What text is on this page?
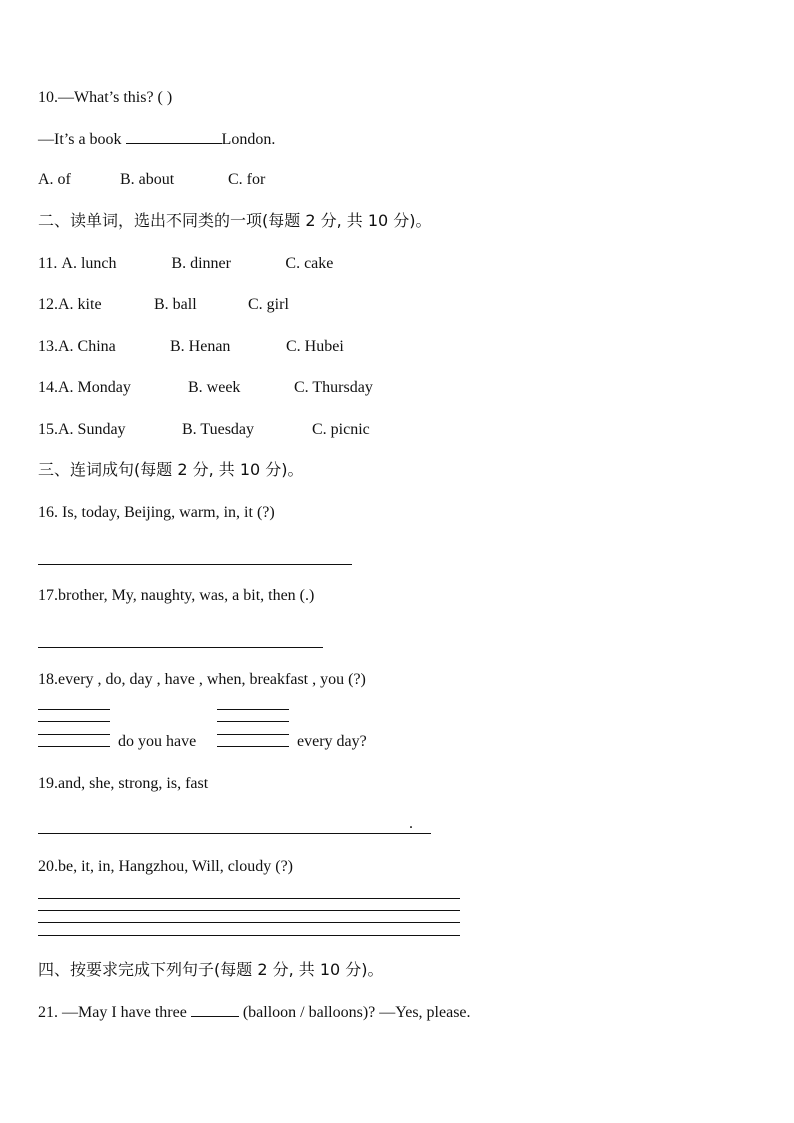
10.—What’s this? ( )
—It’s a book	London.
A. of	B. about	C. for
二、读单词，选出不同类的一项(每题 2 分, 共 10 分)。
11. A. lunch	B. dinner	C. cake
12.A. kite	B. ball	C. girl
13.A. China	B. Henan	C. Hubei
14.A. Monday	B. week	C. Thursday
15.A. Sunday	B. Tuesday	C. picnic
三、连词成句(每题 2 分, 共 10 分)。
16. Is, today, Beijing, warm, in, it (?)
17.brother, My, naughty, was, a bit, then (.)
18.every , do, day , have , when, breakfast , you (?)
do you have	every day?
19.and, she, strong, is, fast
.
20.be, it, in, Hangzhou, Will, cloudy (?)
四、按要求完成下列句子(每题 2 分, 共 10 分)。
21. —May I have three	(balloon / balloons)? —Yes, please.
